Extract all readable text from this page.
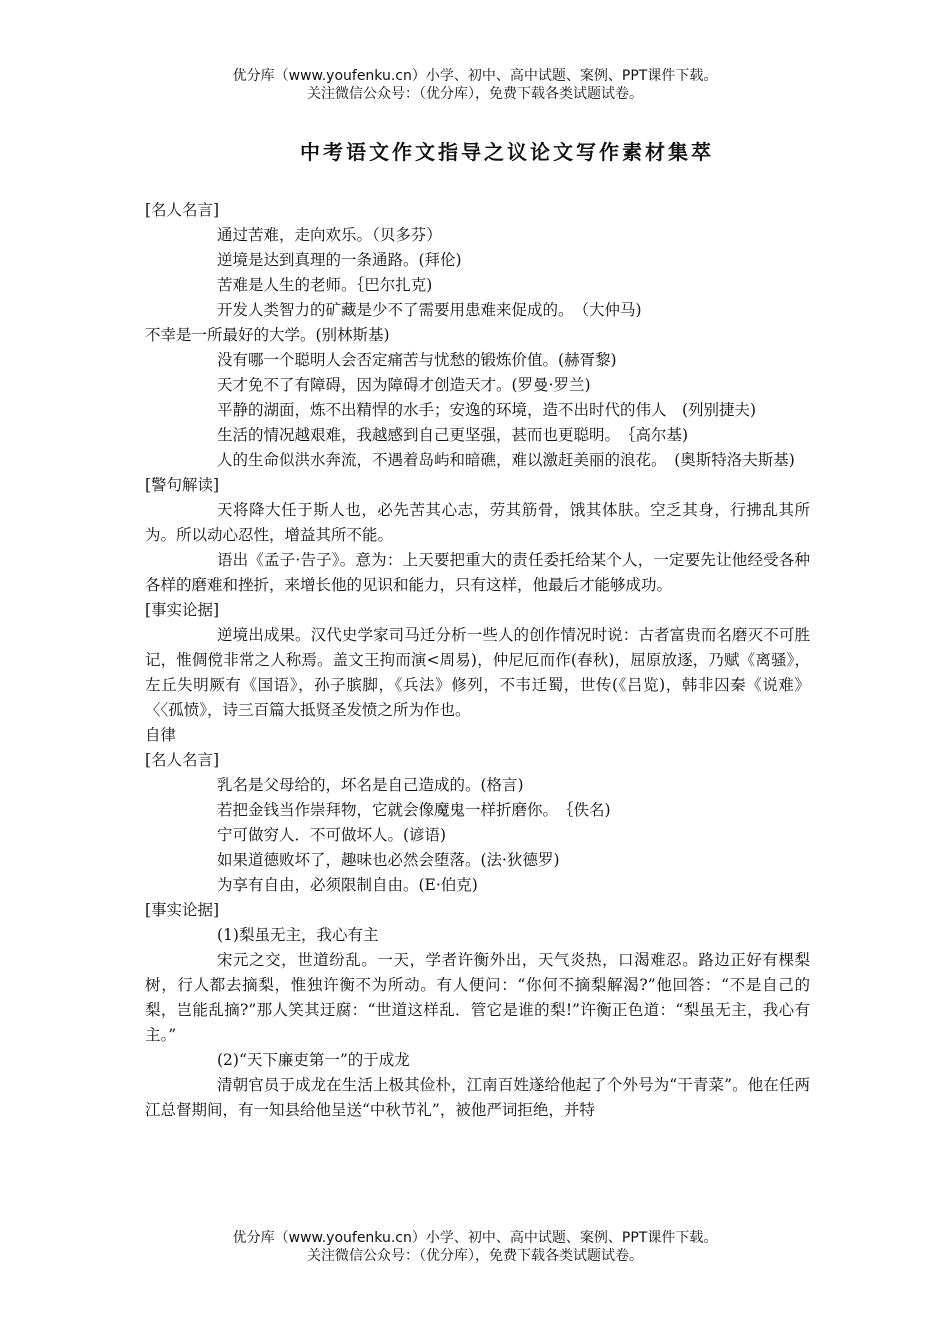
优分库（www.youfenku.cn）小学、初中、高中试题、案例、PPT课件下载。
关注微信公众号：（优分库），免费下载各类试题试卷。
中考语文作文指导之议论文写作素材集萃

[名人名言]

通过苦难，走向欢乐。（贝多芬）

逆境是达到真理的一条通路。(拜伦)

苦难是人生的老师。｛巴尔扎克)

开发人类智力的矿藏是少不了需要用患难来促成的。　（大仲马)

不幸是一所最好的大学。(别林斯基)

没有哪一个聪明人会否定痛苦与忧愁的锻炼价值。(赫胥黎)

天才免不了有障碍，因为障碍才创造天才。(罗曼·罗兰)

平静的湖面，炼不出精悍的水手；安逸的环境，造不出时代的伟人　(列别捷夫)

生活的情况越艰难，我越感到自己更坚强，甚而也更聪明。　｛高尔基)

人的生命似洪水奔流，不遇着岛屿和暗礁，难以激赶美丽的浪花。　(奥斯特洛夫斯基)

[警句解读]

天将降大任于斯人也，必先苦其心志，劳其筋骨，饿其体肤。空乏其身，行拂乱其所为。所以动心忍性，增益其所不能。

语出《孟子·告子》。意为：上天要把重大的责任委托给某个人，一定要先让他经受各种各样的磨难和挫折，来增长他的见识和能力，只有这样，他最后才能够成功。

[事实论据]

逆境出成果。汉代史学家司马迁分析一些人的创作情况时说：古者富贵而名磨灭不可胜记，惟倜傥非常之人称焉。盖文王拘而演<周易)，仲尼厄而作(春秋)，屈原放逐，乃赋《离骚》，左丘失明厥有《国语》，孙子膑脚，《兵法》修列，不韦迁蜀，世传(《吕览)，韩非囚秦《说难》〈〈孤愤》，诗三百篇大抵贤圣发愤之所为作也。

自律

[名人名言]

乳名是父母给的，坏名是自己造成的。(格言)

若把金钱当作崇拜物，它就会像魔鬼一样折磨你。　｛佚名)

宁可做穷人．不可做坏人。(谚语)

如果道德败坏了，趣味也必然会堕落。(法·狄德罗)

为享有自由，必须限制自由。(E·伯克)

[事实论据]

(1)梨虽无主，我心有主

宋元之交，世道纷乱。一天，学者许衡外出，天气炎热，口渴难忍。路边正好有棵梨树，行人都去摘梨，惟独许衡不为所动。有人便问：“你何不摘梨解渴?”他回答：“不是自己的梨，岂能乱摘?”那人笑其迂腐：“世道这样乱．管它是谁的梨!”许衡正色道：“梨虽无主，我心有主。”

(2)“天下廉吏第一”的于成龙

清朝官员于成龙在生活上极其俭朴，江南百姓遂给他起了个外号为“干青菜”。他在任两江总督期间，有一知县给他呈送“中秋节礼”，被他严词拒绝，并特

优分库（www.youfenku.cn）小学、初中、高中试题、案例、PPT课件下载。
关注微信公众号：（优分库），免费下载各类试题试卷。
